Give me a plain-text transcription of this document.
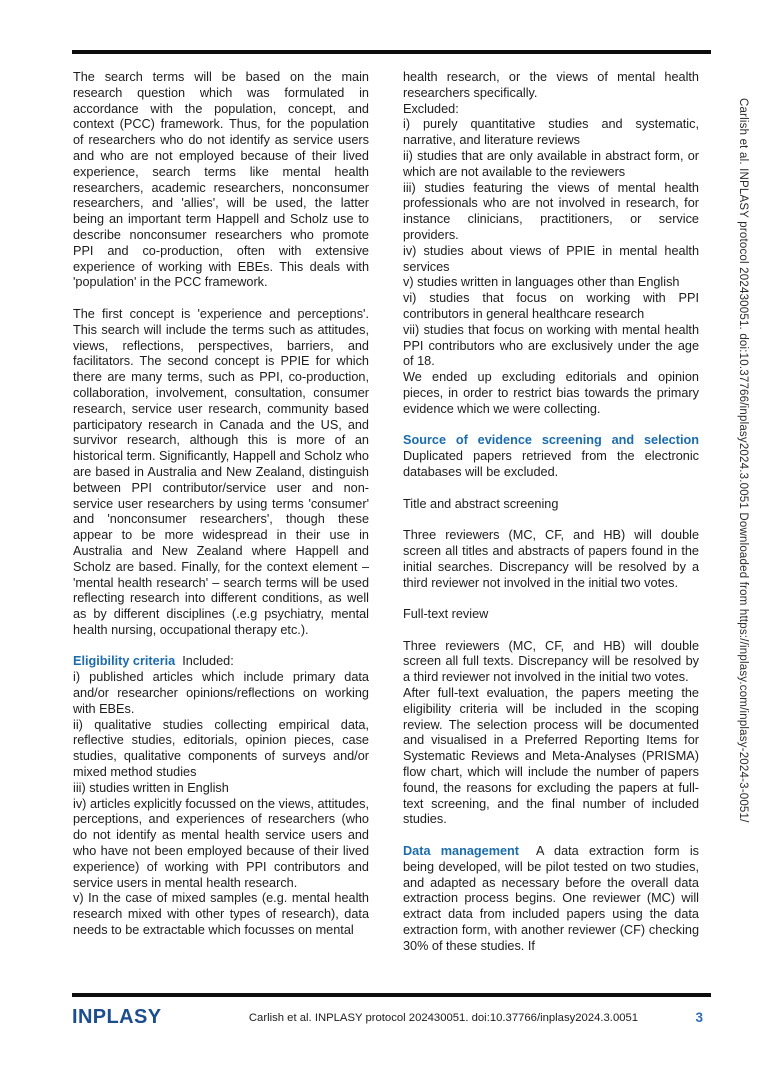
The search terms will be based on the main research question which was formulated in accordance with the population, concept, and context (PCC) framework. Thus, for the population of researchers who do not identify as service users and who are not employed because of their lived experience, search terms like mental health researchers, academic researchers, nonconsumer researchers, and 'allies', will be used, the latter being an important term Happell and Scholz use to describe nonconsumer researchers who promote PPI and co-production, often with extensive experience of working with EBEs. This deals with 'population' in the PCC framework.

The first concept is 'experience and perceptions'. This search will include the terms such as attitudes, views, reflections, perspectives, barriers, and facilitators. The second concept is PPIE for which there are many terms, such as PPI, co-production, collaboration, involvement, consultation, consumer research, service user research, community based participatory research in Canada and the US, and survivor research, although this is more of an historical term. Significantly, Happell and Scholz who are based in Australia and New Zealand, distinguish between PPI contributor/service user and non-service user researchers by using terms 'consumer' and 'nonconsumer researchers', though these appear to be more widespread in their use in Australia and New Zealand where Happell and Scholz are based. Finally, for the context element – 'mental health research' – search terms will be used reflecting research into different conditions, as well as by different disciplines (.e.g psychiatry, mental health nursing, occupational therapy etc.).

Eligibility criteria Included:

i) published articles which include primary data and/or researcher opinions/reflections on working with EBEs.

ii) qualitative studies collecting empirical data, reflective studies, editorials, opinion pieces, case studies, qualitative components of surveys and/or mixed method studies

iii) studies written in English

iv) articles explicitly focussed on the views, attitudes, perceptions, and experiences of researchers (who do not identify as mental health service users and who have not been employed because of their lived experience) of working with PPI contributors and service users in mental health research.

v) In the case of mixed samples (e.g. mental health research mixed with other types of research), data needs to be extractable which focusses on mental

health research, or the views of mental health researchers specifically.

Excluded:

i) purely quantitative studies and systematic, narrative, and literature reviews

ii) studies that are only available in abstract form, or which are not available to the reviewers

iii) studies featuring the views of mental health professionals who are not involved in research, for instance clinicians, practitioners, or service providers.

iv) studies about views of PPIE in mental health services

v) studies written in languages other than English

vi) studies that focus on working with PPI contributors in general healthcare research

vii) studies that focus on working with mental health PPI contributors who are exclusively under the age of 18.

We ended up excluding editorials and opinion pieces, in order to restrict bias towards the primary evidence which we were collecting.

Source of evidence screening and selection

Duplicated papers retrieved from the electronic databases will be excluded.

Title and abstract screening

Three reviewers (MC, CF, and HB) will double screen all titles and abstracts of papers found in the initial searches. Discrepancy will be resolved by a third reviewer not involved in the initial two votes.

Full-text review

Three reviewers (MC, CF, and HB) will double screen all full texts. Discrepancy will be resolved by a third reviewer not involved in the initial two votes.

After full-text evaluation, the papers meeting the eligibility criteria will be included in the scoping review. The selection process will be documented and visualised in a Preferred Reporting Items for Systematic Reviews and Meta-Analyses (PRISMA) flow chart, which will include the number of papers found, the reasons for excluding the papers at full-text screening, and the final number of included studies.

Data management A data extraction form is being developed, will be pilot tested on two studies, and adapted as necessary before the overall data extraction process begins. One reviewer (MC) will extract data from included papers using the data extraction form, with another reviewer (CF) checking 30% of these studies. If

Carlish et al. INPLASY protocol 202430051. doi:10.37766/inplasy2024.3.0051 Downloaded from https://inplasy.com/inplasy-2024-3-0051/
INPLASY	Carlish et al. INPLASY protocol 202430051. doi:10.37766/inplasy2024.3.0051	3
